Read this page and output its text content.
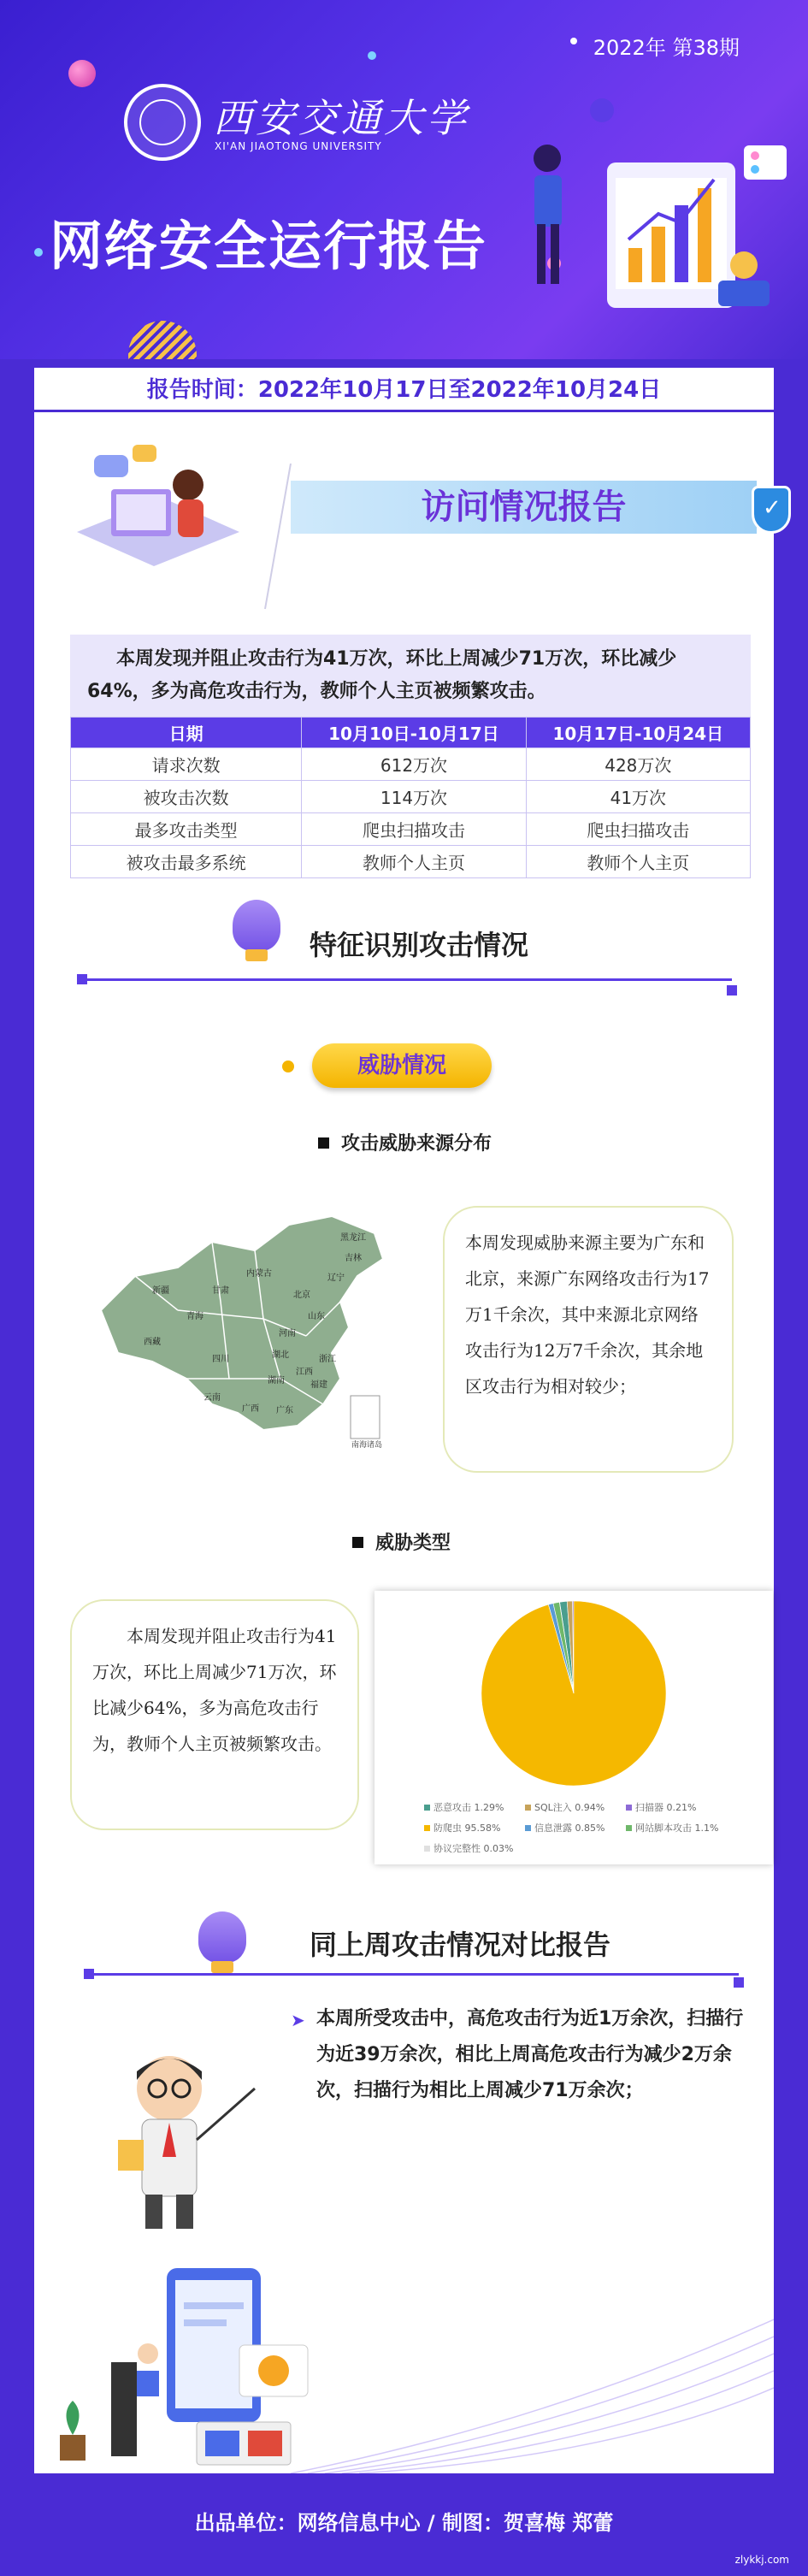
2022年 第38期
西安交通大学
XI'AN JIAOTONG UNIVERSITY
网络安全运行报告
报告时间：2022年10月17日至2022年10月24日
访问情况报告
✓
本周发现并阻止攻击行为41万次，环比上周减少71万次，环比减少64%，多为高危攻击行为，教师个人主页被频繁攻击。
日期	10月10日-10月17日	10月17日-10月24日
请求次数	612万次	428万次
被攻击次数	114万次	41万次
最多攻击类型	爬虫扫描攻击	爬虫扫描攻击
被攻击最多系统	教师个人主页	教师个人主页
特征识别攻击情况
威胁情况
攻击威胁来源分布
南海诸岛
新疆
西藏
青海
甘肃
内蒙古
四川
云南
广西 广东
湖南
湖北
河南
山东
北京
辽宁
吉林
黑龙江
浙江
福建
江西
本周发现威胁来源主要为广东和北京，来源广东网络攻击行为17万1千余次，其中来源北京网络攻击行为12万7千余次，其余地区攻击行为相对较少；
威胁类型
本周发现并阻止攻击行为41万次，环比上周减少71万次，环比减少64%，多为高危攻击行为，教师个人主页被频繁攻击。
恶意攻击 1.29%	SQL注入 0.94%	扫描器 0.21%防爬虫 95.58%	信息泄露 0.85%	网站脚本攻击 1.1%协议完整性 0.03%
同上周攻击情况对比报告
➤ 本周所受攻击中，高危攻击行为近1万余次，扫描行为近39万余次，相比上周高危攻击行为减少2万余次，扫描行为相比上周减少71万余次；
出品单位：网络信息中心 / 制图：贺喜梅 郑蕾
zlykkj.com
